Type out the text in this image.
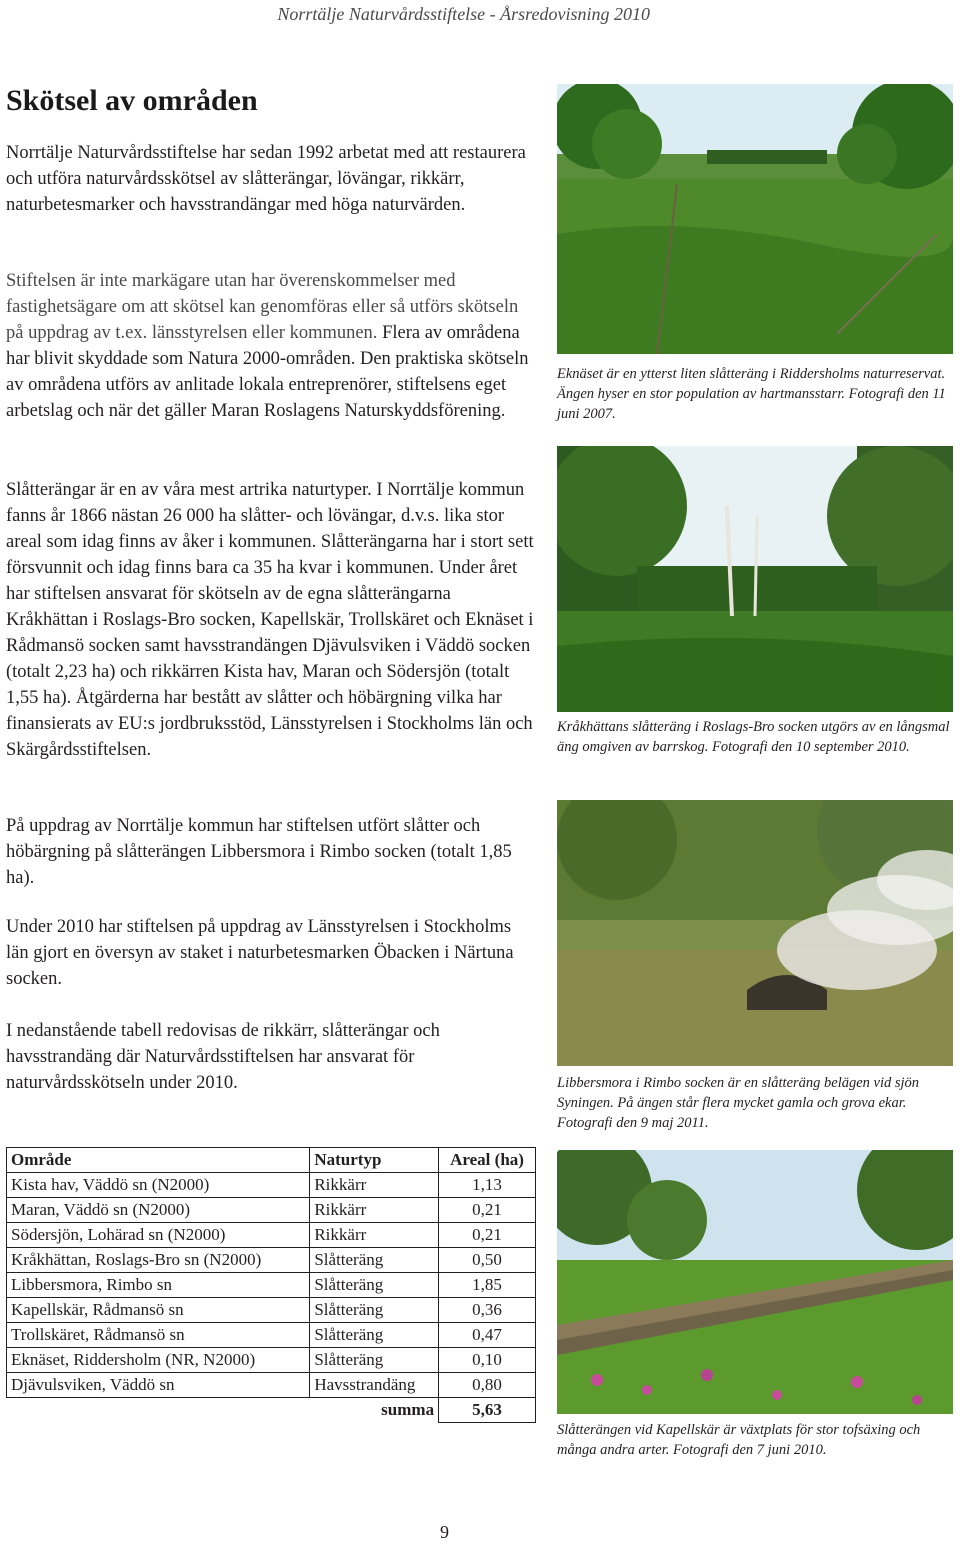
Norrtälje Naturvårdsstiftelse - Årsredovisning 2010
Skötsel av områden

Norrtälje Naturvårdsstiftelse har sedan 1992 arbetat med att restaurera och utföra naturvårdsskötsel av slåtterängar, lövängar, rikkärr, naturbetesmarker och havsstrandängar med höga naturvärden.

Stiftelsen är inte markägare utan har överenskommelser med fastighetsägare om att skötsel kan genomföras eller så utförs skötseln på uppdrag av t.ex. länsstyrelsen eller kommunen. Flera av områdena har blivit skyddade som Natura 2000-områden. Den praktiska skötseln av områdena utförs av anlitade lokala entreprenörer, stiftelsens eget arbetslag och när det gäller Maran Roslagens Naturskyddsförening.

Slåtterängar är en av våra mest artrika naturtyper. I Norrtälje kommun fanns år 1866 nästan 26 000 ha slåtter- och lövängar, d.v.s. lika stor areal som idag finns av åker i kommunen. Slåtterängarna har i stort sett försvunnit och idag finns bara ca 35 ha kvar i kommunen. Under året har stiftelsen ansvarat för skötseln av de egna slåtterängarna Kråkhättan i Roslags-Bro socken, Kapellskär, Trollskäret och Eknäset i Rådmansö socken samt havsstrandängen Djävulsviken i Väddö socken (totalt 2,23 ha) och rikkärren Kista hav, Maran och Södersjön (totalt 1,55 ha). Åtgärderna har bestått av slåtter och höbärgning vilka har finansierats av EU:s jordbruksstöd, Länsstyrelsen i Stockholms län och Skärgårdsstiftelsen.

På uppdrag av Norrtälje kommun har stiftelsen utfört slåtter och höbärgning på slåtterängen Libbersmora i Rimbo socken (totalt 1,85 ha).

Under 2010 har stiftelsen på uppdrag av Länsstyrelsen i Stockholms län gjort en översyn av staket i naturbetesmarken Öbacken i Närtuna socken.

I nedanstående tabell redovisas de rikkärr, slåtterängar och havsstrandäng där Naturvårdsstiftelsen har ansvarat för naturvårdsskötseln under 2010.

Eknäset är en ytterst liten slåtteräng i Riddersholms naturreservat. Ängen hyser en stor population av hartmansstarr. Fotografi den 11 juni 2007.

Kråkhättans slåtteräng i Roslags-Bro socken utgörs av en långsmal äng omgiven av barrskog. Fotografi den 10 september 2010.

Libbersmora i Rimbo socken är en slåtteräng belägen vid sjön Syningen. På ängen står flera mycket gamla och grova ekar. Fotografi den 9 maj 2011.

Slåtterängen vid Kapellskär är växtplats för stor tofsäxing och många andra arter. Fotografi den 7 juni 2010.

Område	Naturtyp	Areal (ha)
Kista hav, Väddö sn (N2000)	Rikkärr	1,13
Maran, Väddö sn (N2000)	Rikkärr	0,21
Södersjön, Lohärad sn (N2000)	Rikkärr	0,21
Kråkhättan, Roslags-Bro sn (N2000)	Slåtteräng	0,50
Libbersmora, Rimbo sn	Slåtteräng	1,85
Kapellskär, Rådmansö sn	Slåtteräng	0,36
Trollskäret, Rådmansö sn	Slåtteräng	0,47
Eknäset, Riddersholm (NR, N2000)	Slåtteräng	0,10
Djävulsviken, Väddö sn	Havsstrandäng	0,80
	summa	5,63
9
